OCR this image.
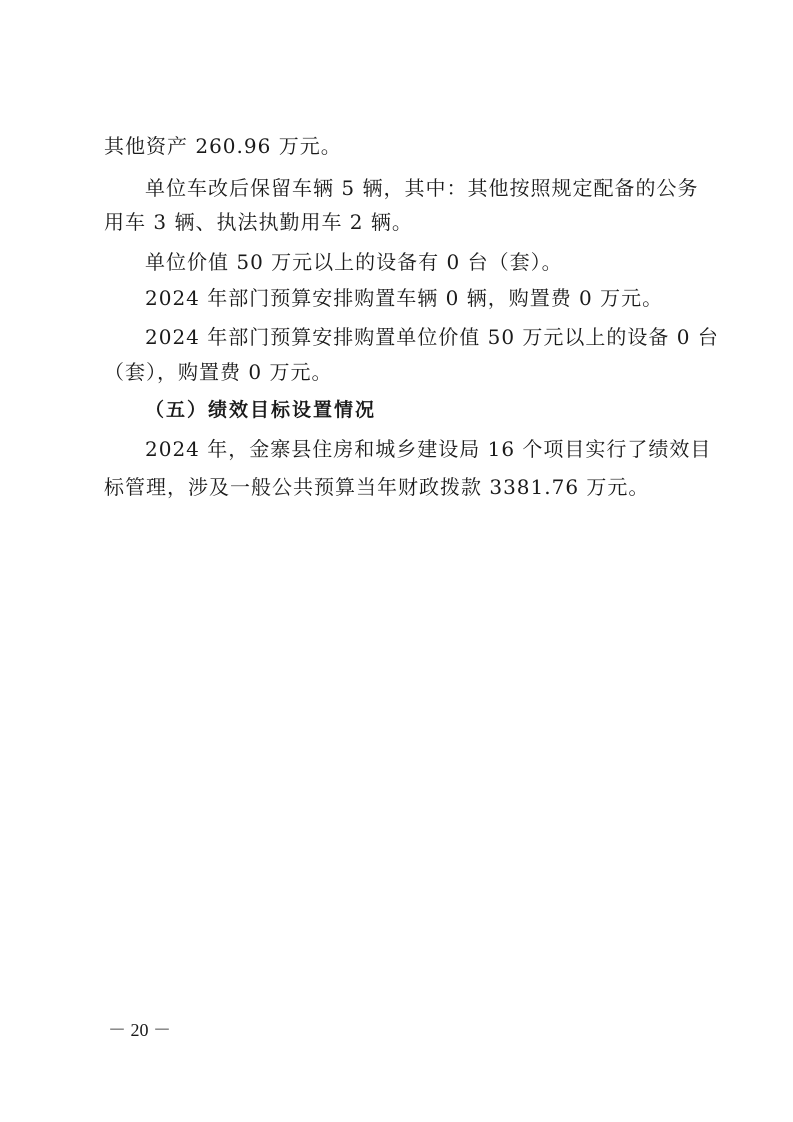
其他资产 260.96 万元。
单位车改后保留车辆 5 辆，其中：其他按照规定配备的公务
用车 3 辆、执法执勤用车 2 辆。
单位价值 50 万元以上的设备有 0 台（套）。
2024 年部门预算安排购置车辆 0 辆，购置费 0 万元。
2024 年部门预算安排购置单位价值 50 万元以上的设备 0 台
（套），购置费 0 万元。
（五）绩效目标设置情况
2024 年，金寨县住房和城乡建设局 16 个项目实行了绩效目
标管理，涉及一般公共预算当年财政拨款 3381.76 万元。
－ 20 －
